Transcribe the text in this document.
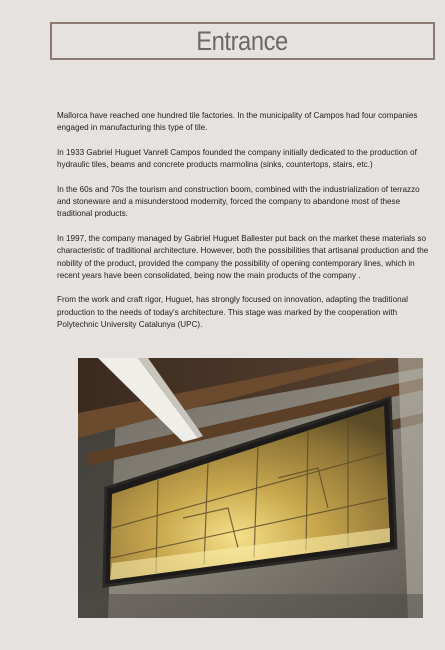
Entrance

Mallorca have reached one hundred tile factories. In the municipality of Campos had four companies engaged in manufacturing this type of tile.

In 1933 Gabriel Huguet Vanrell Campos founded the company initially dedicated to the production of hydraulic tiles, beams and concrete products marmolina (sinks, countertops, stairs, etc.)

In the 60s and 70s the tourism and construction boom, combined with the industrialization of terrazzo and stoneware and a misunderstood modernity, forced the company to abandone most of these traditional products.

In 1997, the company managed by Gabriel Huguet Ballester put back on the market these materials so characteristic of traditional architecture. However, both the possibilities that artisanal production and the nobility of the product, provided the company the possibility of opening contemporary lines, which in recent years have been consolidated, being now the main products of the company .

From the work and craft rigor, Huguet, has strongly focused on innovation, adapting the traditional production to the needs of today's architecture. This stage was marked by the cooperation with Polytechnic University Catalunya (UPC).
